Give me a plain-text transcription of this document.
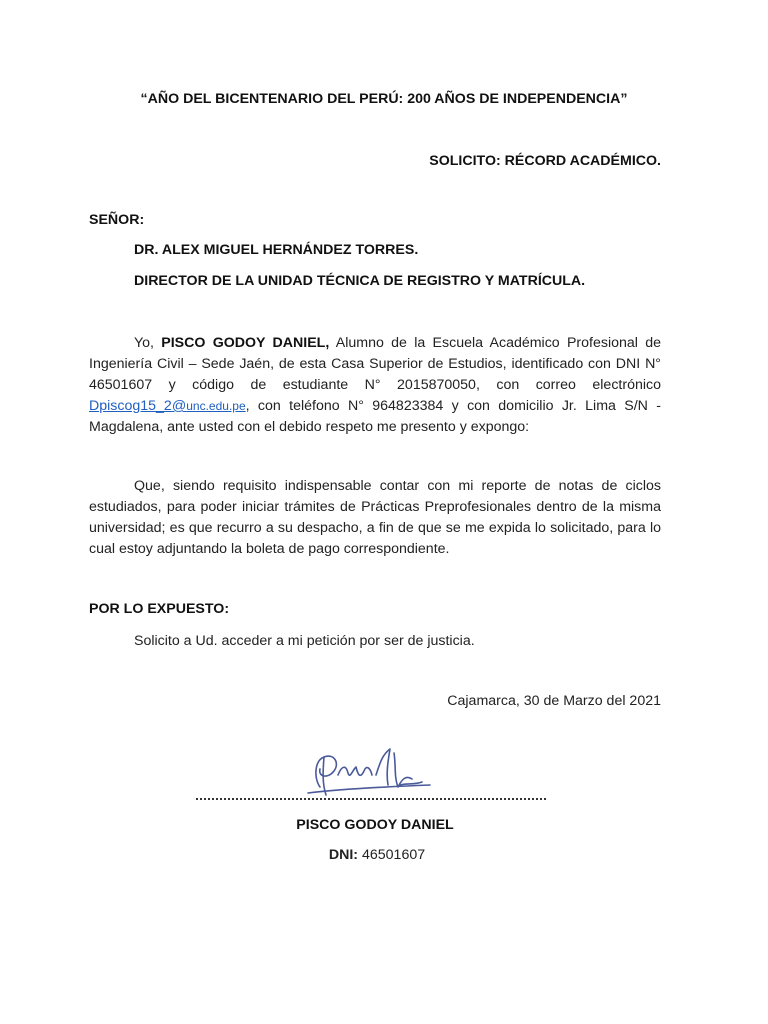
“AÑO DEL BICENTENARIO DEL PERÚ: 200 AÑOS DE INDEPENDENCIA”
SOLICITO: RÉCORD ACADÉMICO.
SEÑOR:
DR. ALEX MIGUEL HERNÁNDEZ TORRES.
DIRECTOR DE LA UNIDAD TÉCNICA DE REGISTRO Y MATRÍCULA.
Yo, PISCO GODOY DANIEL, Alumno de la Escuela Académico Profesional de Ingeniería Civil – Sede Jaén, de esta Casa Superior de Estudios, identificado con DNI N° 46501607 y código de estudiante N° 2015870050, con correo electrónico Dpiscog15_2@unc.edu.pe, con teléfono N° 964823384 y con domicilio Jr. Lima S/N - Magdalena, ante usted con el debido respeto me presento y expongo:
Que, siendo requisito indispensable contar con mi reporte de notas de ciclos estudiados, para poder iniciar trámites de Prácticas Preprofesionales dentro de la misma universidad; es que recurro a su despacho, a fin de que se me expida lo solicitado, para lo cual estoy adjuntando la boleta de pago correspondiente.
POR LO EXPUESTO:
Solicito a Ud. acceder a mi petición por ser de justicia.
Cajamarca, 30 de Marzo del 2021
PISCO GODOY DANIEL
DNI: 46501607
